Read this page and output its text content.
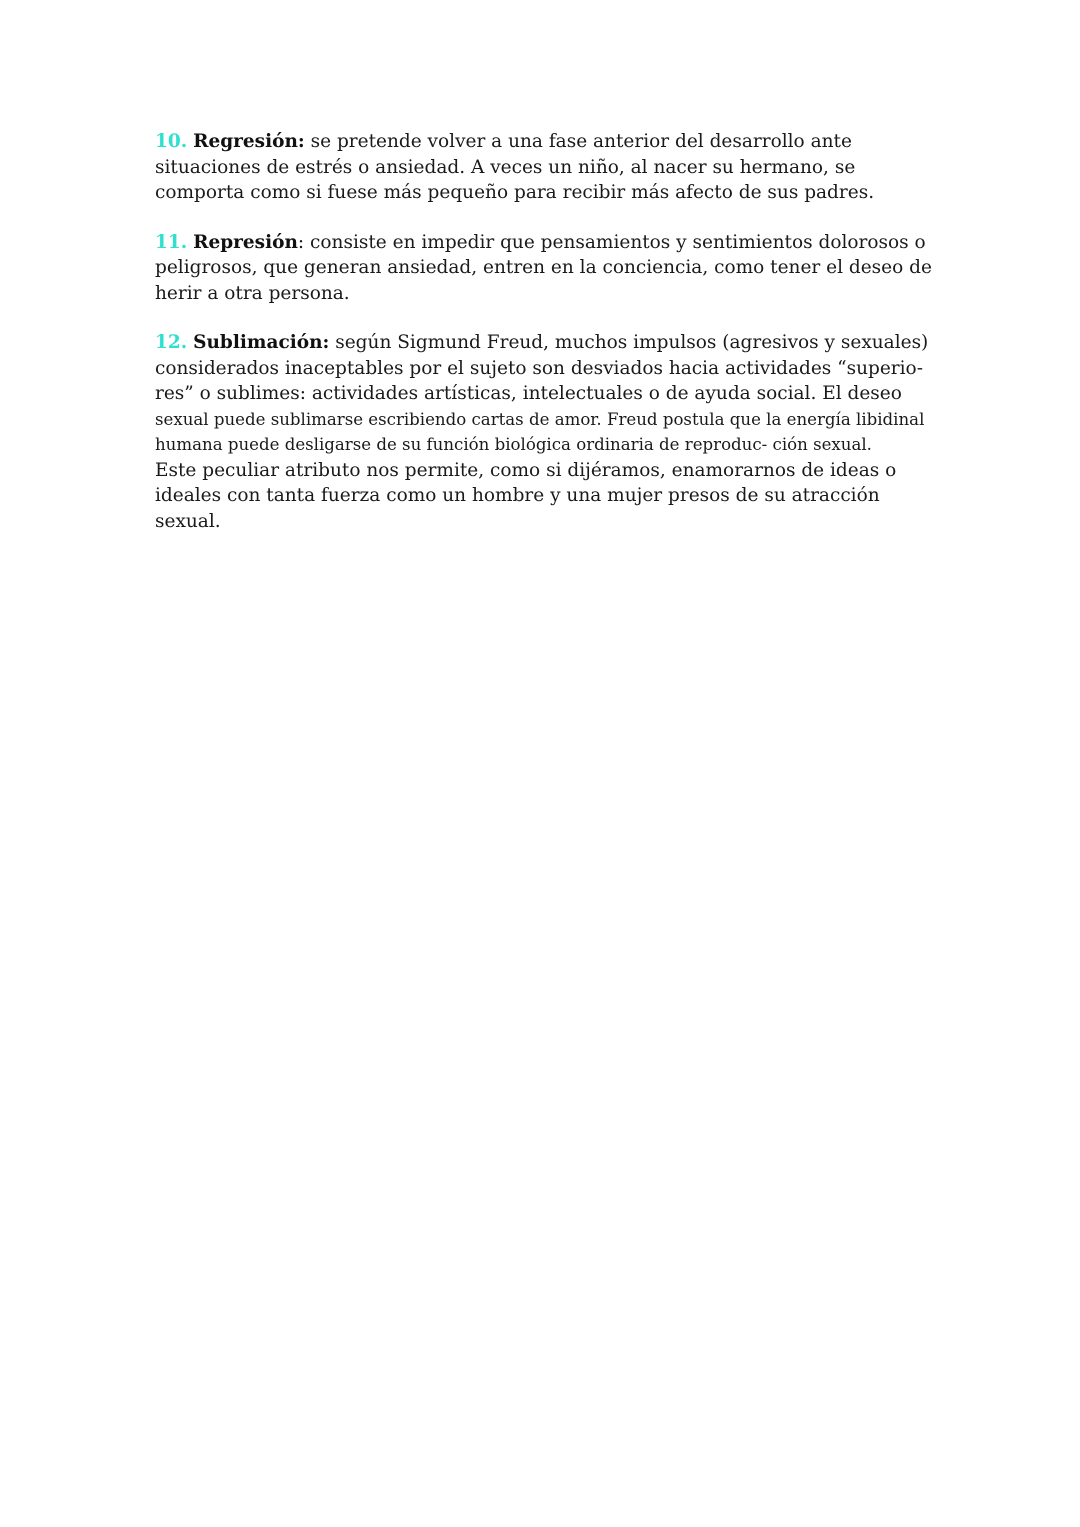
10. Regresión: se pretende volver a una fase anterior del desarrollo ante situaciones de estrés o ansiedad. A veces un niño, al nacer su hermano, se comporta como si fuese más pequeño para recibir más afecto de sus padres.

11. Represión: consiste en impedir que pensamientos y sentimientos dolorosos o peligrosos, que generan ansiedad, entren en la conciencia, como tener el deseo de herir a otra persona.

12. Sublimación: según Sigmund Freud, muchos impulsos (agresivos y sexuales) considerados inaceptables por el sujeto son desviados hacia actividades “superio- res” o sublimes: actividades artísticas, intelectuales o de ayuda social. El deseo
sexual puede sublimarse escribiendo cartas de amor. Freud postula que la energía libidinal
humana puede desligarse de su función biológica ordinaria de reproduc- ción sexual.
Este peculiar atributo nos permite, como si dijéramos, enamorarnos de ideas o ideales con tanta fuerza como un hombre y una mujer presos de su atracción sexual.
